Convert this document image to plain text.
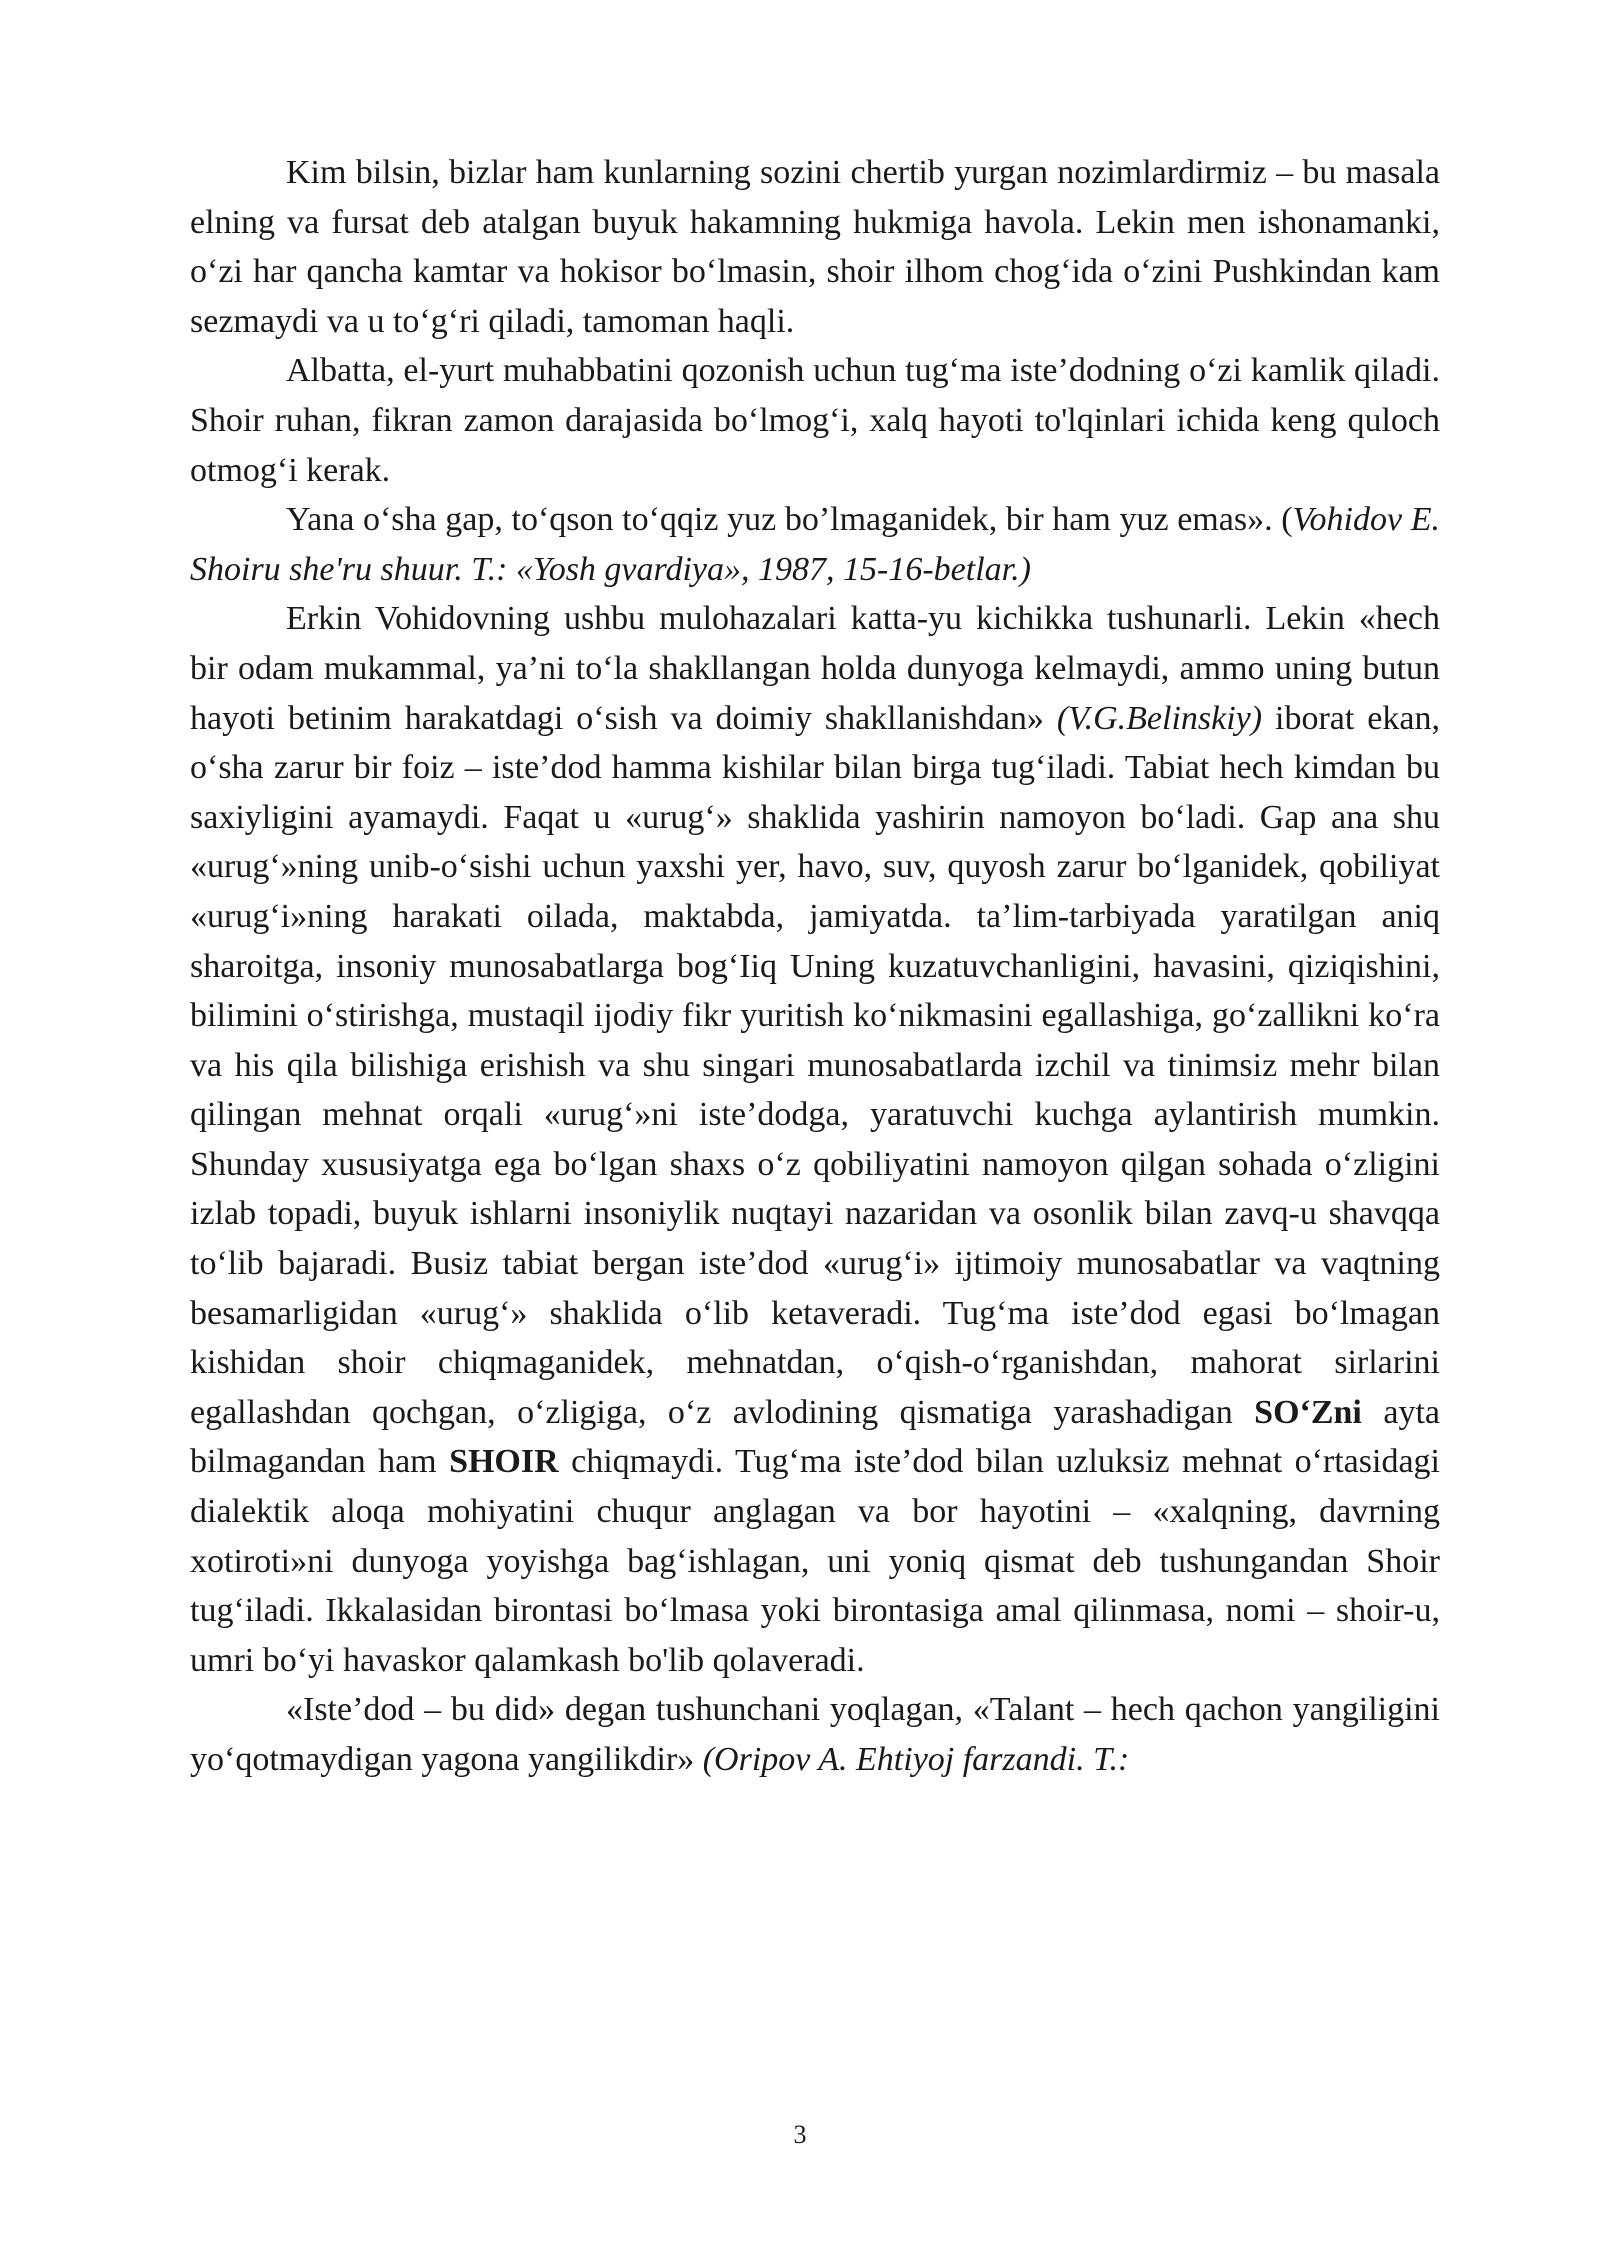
Kim bilsin, bizlar ham kunlarning sozini chertib yurgan nozimlardirmiz – bu masala elning va fursat deb atalgan buyuk hakamning hukmiga havola. Lekin men ishonamanki, o‘zi har qancha kamtar va hokisor bo‘lmasin, shoir ilhom chog‘ida o‘zini Pushkindan kam sezmaydi va u to‘g‘ri qiladi, tamoman haqli.

Albatta, el-yurt muhabbatini qozonish uchun tug‘ma iste’dodning o‘zi kamlik qiladi. Shoir ruhan, fikran zamon darajasida bo‘lmog‘i, xalq hayoti to'lqinlari ichida keng quloch otmog‘i kerak.

Yana o‘sha gap, to‘qson to‘qqiz yuz bo’lmaganidek, bir ham yuz emas». (Vohidov E. Shoiru she'ru shuur. T.: «Yosh gvardiya», 1987, 15-16-betlar.)

Erkin Vohidovning ushbu mulohazalari katta-yu kichikka tushunarli. Lekin «hech bir odam mukammal, ya’ni to‘la shakllangan holda dunyoga kelmaydi, ammo uning butun hayoti betinim harakatdagi o‘sish va doimiy shakllanishdan» (V.G.Belinskiy) iborat ekan, o‘sha zarur bir foiz – iste’dod hamma kishilar bilan birga tug‘iladi. Tabiat hech kimdan bu saxiyligini ayamaydi. Faqat u «urug‘» shaklida yashirin namoyon bo‘ladi. Gap ana shu «urug‘»ning unib-o‘sishi uchun yaxshi yer, havo, suv, quyosh zarur bo‘lganidek, qobiliyat «urug‘i»ning harakati oilada, maktabda, jamiyatda. ta’lim-tarbiyada yaratilgan aniq sharoitga, insoniy munosabatlarga bog‘Iiq Uning kuzatuvchanligini, havasini, qiziqishini, bilimini o‘stirishga, mustaqil ijodiy fikr yuritish ko‘nikmasini egallashiga, go‘zallikni ko‘ra va his qila bilishiga erishish va shu singari munosabatlarda izchil va tinimsiz mehr bilan qilingan mehnat orqali «urug‘»ni iste’dodga, yaratuvchi kuchga aylantirish mumkin. Shunday xususiyatga ega bo‘lgan shaxs o‘z qobiliyatini namoyon qilgan sohada o‘zligini izlab topadi, buyuk ishlarni insoniylik nuqtayi nazaridan va osonlik bilan zavq-u shavqqa to‘lib bajaradi. Busiz tabiat bergan iste’dod «urug‘i» ijtimoiy munosabatlar va vaqtning besamarligidan «urug‘» shaklida o‘lib ketaveradi. Tug‘ma iste’dod egasi bo‘lmagan kishidan shoir chiqmaganidek, mehnatdan, o‘qish-o‘rganishdan, mahorat sirlarini egallashdan qochgan, o‘zligiga, o‘z avlodining qismatiga yarashadigan SO‘Zni ayta bilmagandan ham SHOIR chiqmaydi. Tug‘ma iste’dod bilan uzluksiz mehnat o‘rtasidagi dialektik aloqa mohiyatini chuqur anglagan va bor hayotini – «xalqning, davrning xotiroti»ni dunyoga yoyishga bag‘ishlagan, uni yoniq qismat deb tushungandan Shoir tug‘iladi. Ikkalasidan birontasi bo‘lmasa yoki birontasiga amal qilinmasa, nomi – shoir-u, umri bo‘yi havaskor qalamkash bo'lib qolaveradi.

«Iste’dod – bu did» degan tushunchani yoqlagan, «Talant – hech qachon yangiligini yo‘qotmaydigan yagona yangilikdir» (Oripov A. Ehtiyoj farzandi. T.:

3
